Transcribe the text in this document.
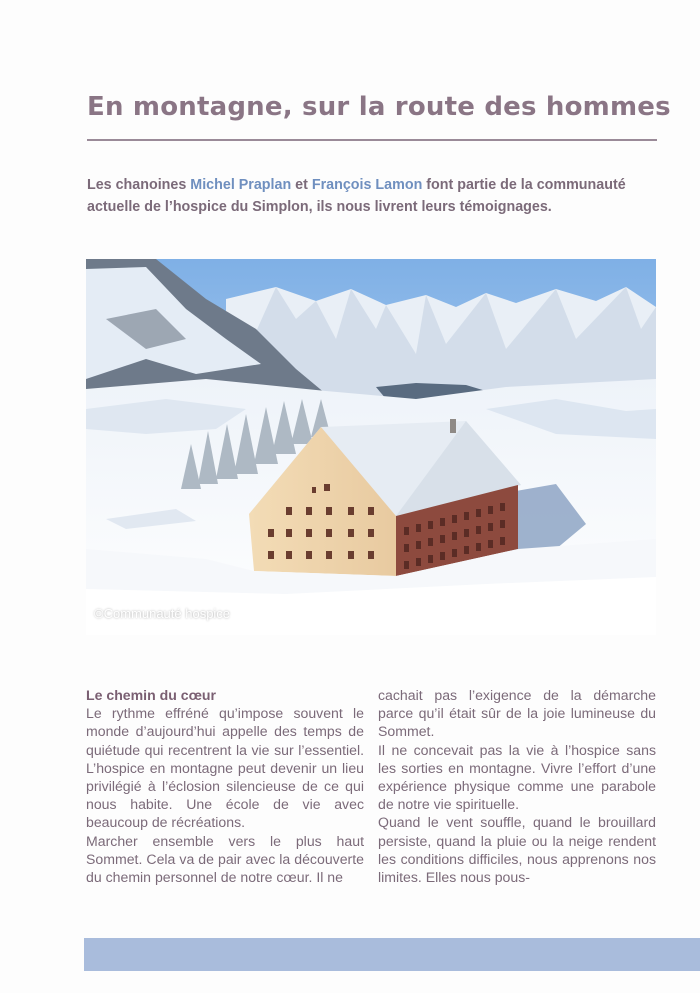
En montagne, sur la route des hommes

Les chanoines Michel Praplan et François Lamon font partie de la communauté actuelle de l’hospice du Simplon, ils nous livrent leurs témoignages.

©Communauté hospice

Le chemin du cœur

Le rythme effréné qu’impose souvent le monde d’aujourd’hui appelle des temps de quiétude qui recentrent la vie sur l’essentiel. L’hospice en montagne peut devenir un lieu privilégié à l’éclosion silencieuse de ce qui nous habite. Une école de vie avec beaucoup de récréations.

Marcher ensemble vers le plus haut Sommet. Cela va de pair avec la découverte du chemin personnel de notre cœur. Il ne

cachait pas l’exigence de la démarche parce qu’il était sûr de la joie lumineuse du Sommet.

Il ne concevait pas la vie à l’hospice sans les sorties en montagne. Vivre l’effort d’une expérience physique comme une parabole de notre vie spirituelle.

Quand le vent souffle, quand le brouillard persiste, quand la pluie ou la neige rendent les conditions difficiles, nous apprenons nos limites. Elles nous pous-
